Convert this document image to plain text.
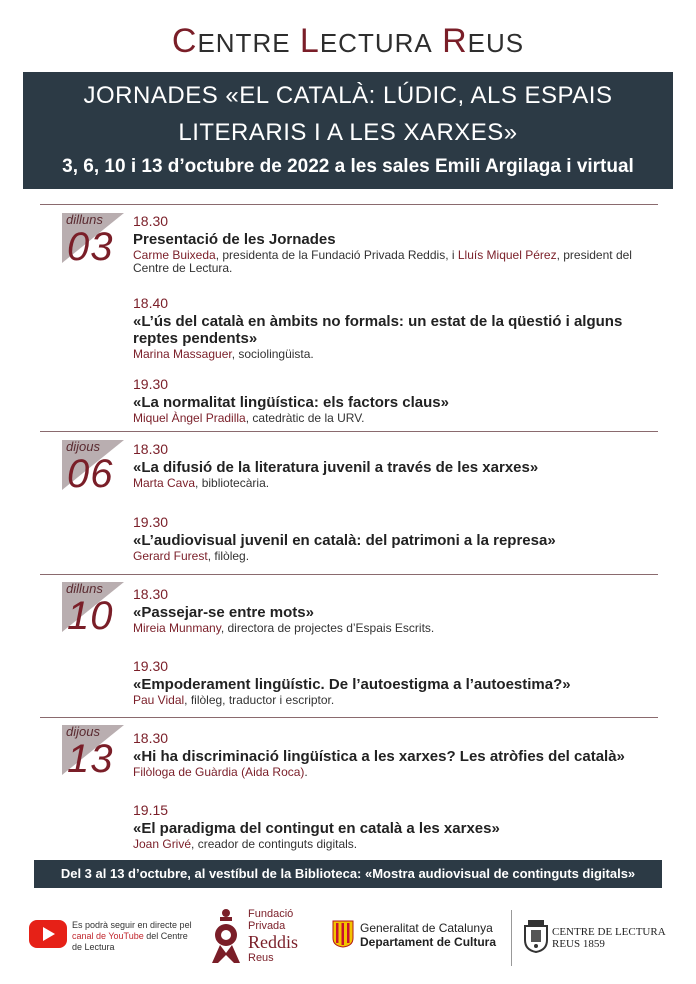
CENTRE LECTURA REUS
JORNADES «EL CATALÀ: LÚDIC, ALS ESPAIS
LITERARIS I A LES XARXES»
3, 6, 10 i 13 d’octubre de 2022 a les sales Emili Argilaga i virtual
dilluns
03
18.30
Presentació de les Jornades
Carme Buixeda, presidenta de la Fundació Privada Reddis, i Lluís Miquel Pérez, president del Centre de Lectura.
18.40
«L’ús del català en àmbits no formals: un estat de la qüestió i alguns reptes pendents»
Marina Massaguer, sociolingüista.
19.30
«La normalitat lingüística: els factors claus»
Miquel Àngel Pradilla, catedràtic de la URV.
dijous
06
18.30
«La difusió de la literatura juvenil a través de les xarxes»
Marta Cava, bibliotecària.
19.30
«L’audiovisual juvenil en català: del patrimoni a la represa»
Gerard Furest, filòleg.
dilluns
10 18.30
«Passejar-se entre mots»
Mireia Munmany, directora de projectes d’Espais Escrits.
19.30
«Empoderament lingüístic. De l’autoestigma a l’autoestima?»
Pau Vidal, filòleg, traductor i escriptor.
dijous
13 18.30
«Hi ha discriminació lingüística a les xarxes? Les atròfies del català»
Filòloga de Guàrdia (Aida Roca).
19.15
«El paradigma del contingut en català a les xarxes»
Joan Grivé, creador de continguts digitals.
Del 3 al 13 d’octubre, al vestíbul de la Biblioteca: «Mostra audiovisual de continguts digitals»
Es podrà seguir en directe pel canal de YouTube del Centre de Lectura
Fundació
Privada
Reddis
Reus
Generalitat de Catalunya
Departament de Cultura
CENTRE DE LECTURA
REUS 1859
